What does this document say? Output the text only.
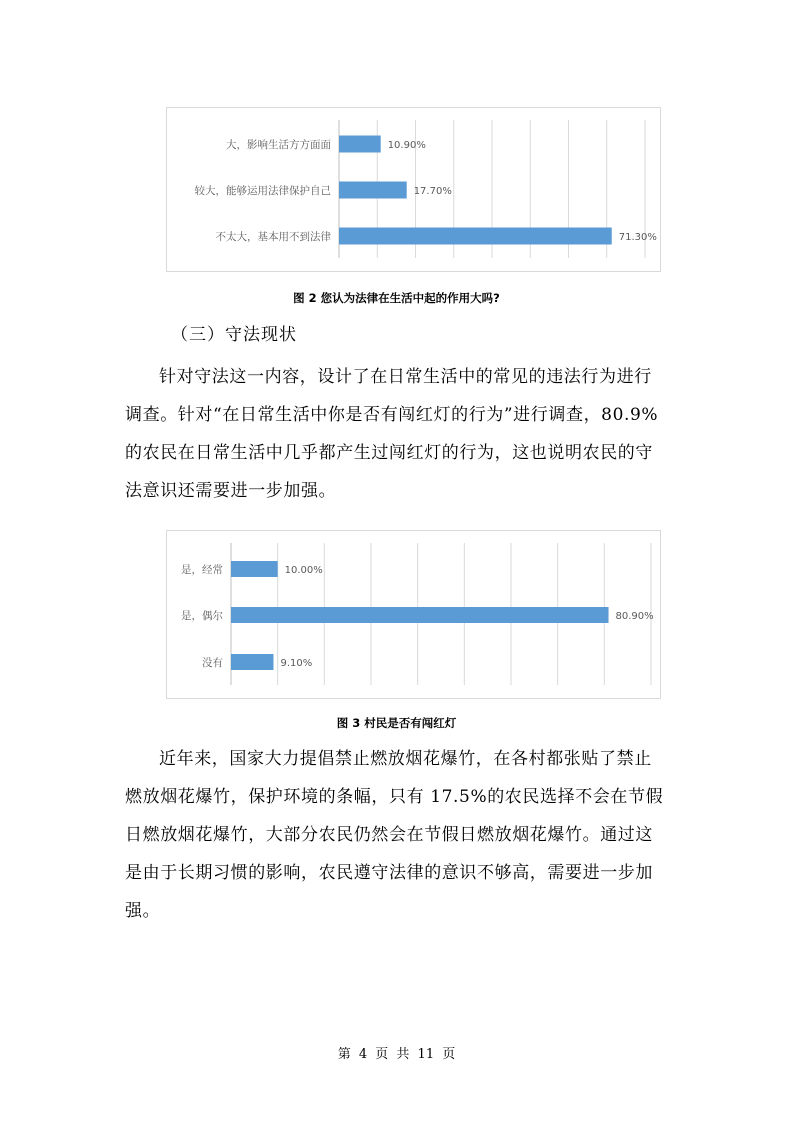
大，影响生活方方面面	10.90%
较大，能够运用法律保护自己	17.70%
不太大，基本用不到法律	71.30%
图 2 您认为法律在生活中起的作用大吗?
（三）守法现状

针对守法这一内容，设计了在日常生活中的常见的违法行为进行
调查。针对“在日常生活中你是否有闯红灯的行为”进行调查，80.9%
的农民在日常生活中几乎都产生过闯红灯的行为，这也说明农民的守
法意识还需要进一步加强。

是，经常	10.00%
是，偶尔	80.90%
没有	9.10%
图 3 村民是否有闯红灯

近年来，国家大力提倡禁止燃放烟花爆竹，在各村都张贴了禁止
燃放烟花爆竹，保护环境的条幅，只有 17.5%的农民选择不会在节假
日燃放烟花爆竹，大部分农民仍然会在节假日燃放烟花爆竹。通过这
是由于长期习惯的影响，农民遵守法律的意识不够高，需要进一步加
强。

第 4 页 共 11 页
